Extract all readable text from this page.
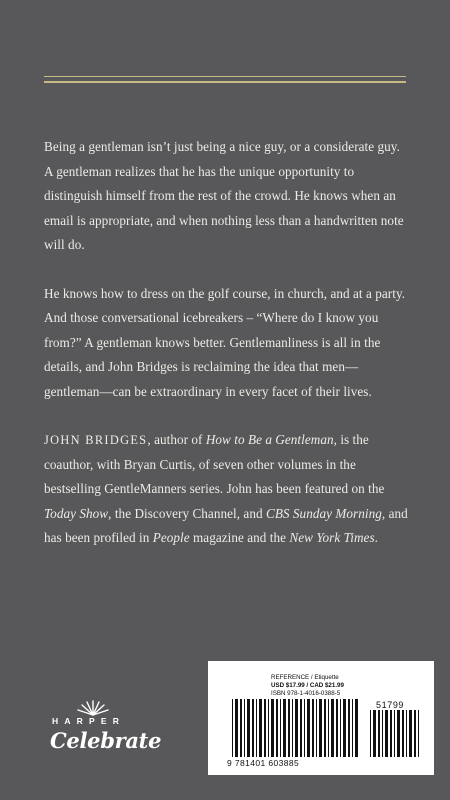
Being a gentleman isn’t just being a nice guy, or a considerate guy. A gentleman realizes that he has the unique opportunity to distinguish himself from the rest of the crowd. He knows when an email is appropriate, and when nothing less than a handwritten note will do.

He knows how to dress on the golf course, in church, and at a party. And those conversational icebreakers – “Where do I know you from?” A gentleman knows better. Gentlemanliness is all in the details, and John Bridges is reclaiming the idea that men—gentleman—can be extraordinary in every facet of their lives.

JOHN BRIDGES, author of How to Be a Gentleman, is the coauthor, with Bryan Curtis, of seven other volumes in the bestselling GentleManners series. John has been featured on the Today Show, the Discovery Channel, and CBS Sunday Morning, and has been profiled in People magazine and the New York Times.

HARPER
Celebrate
REFERENCE / Etiquette
USD $17.99 / CAD $21.99
ISBN 978-1-4016-0388-5
51799
9 781401 603885
